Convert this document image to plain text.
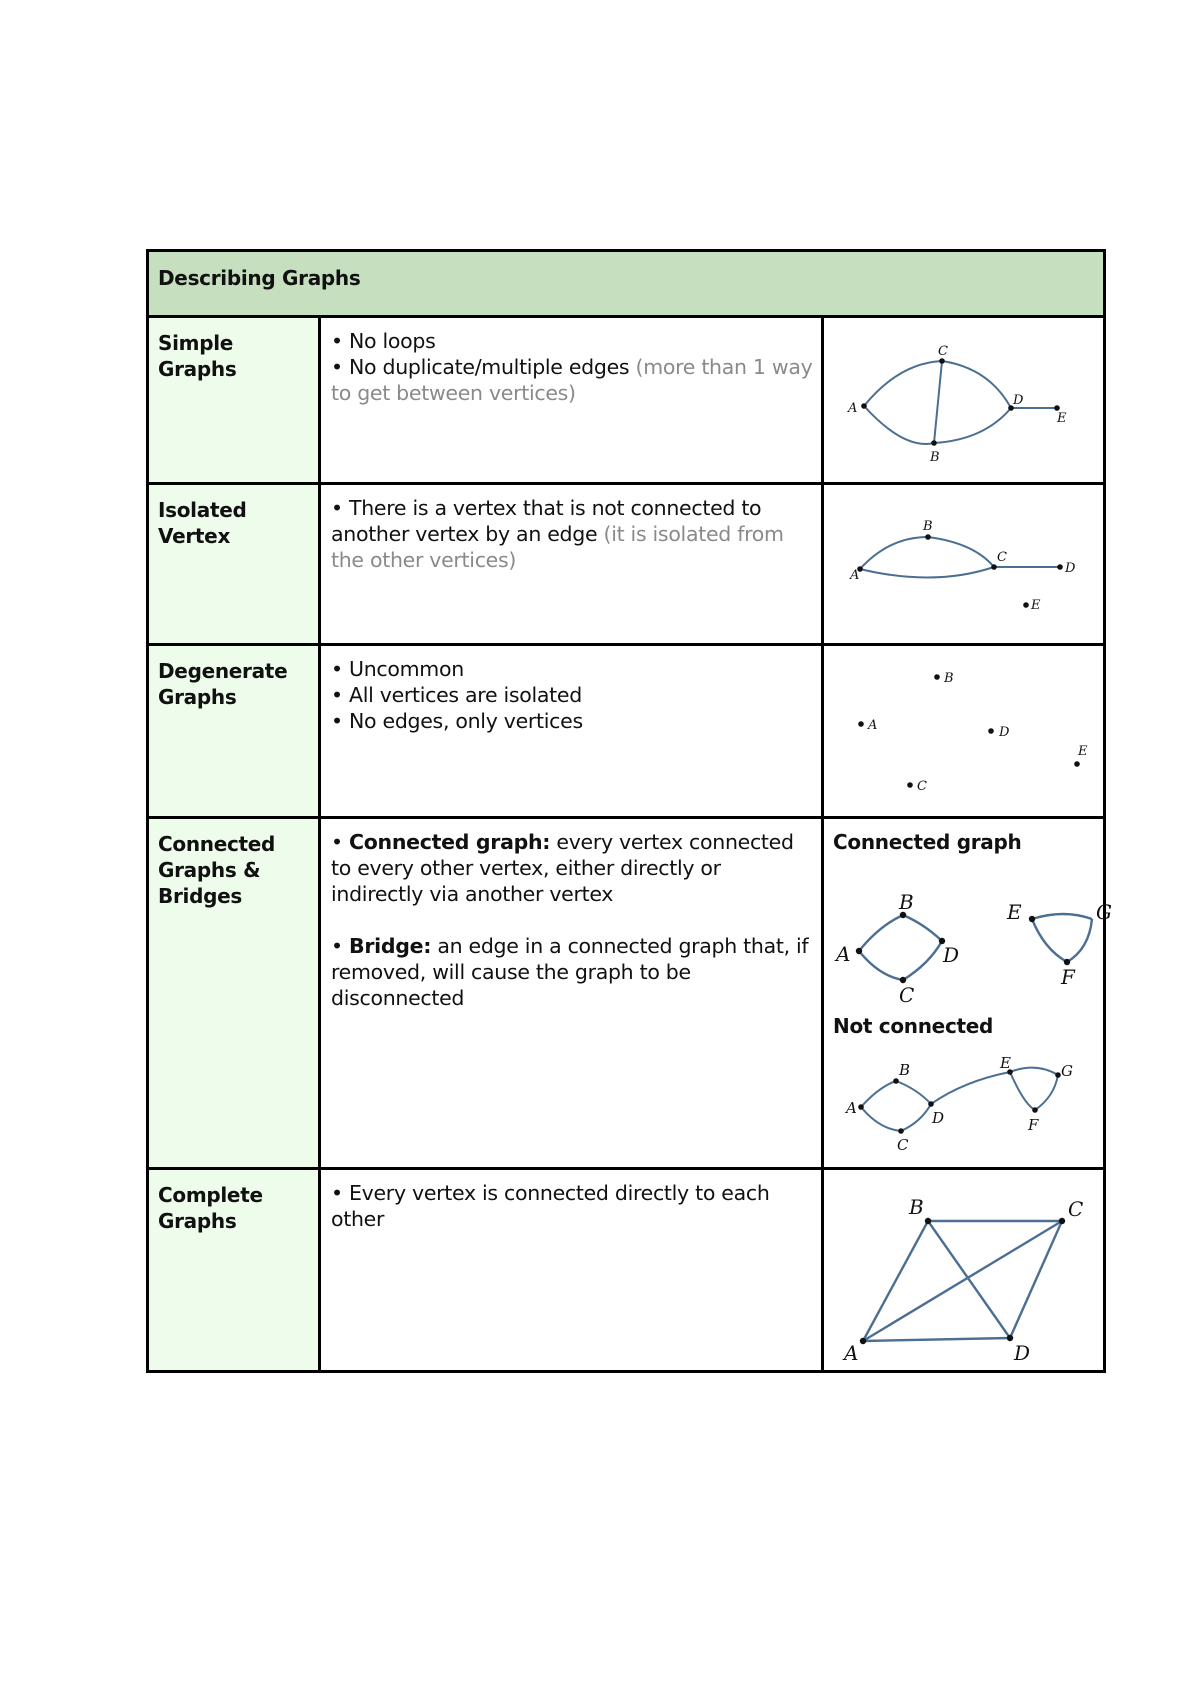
Describing Graphs
Simple Graphs
• No loops
• No duplicate/multiple edges (more than 1 way to get between vertices)
A
B
C
D
E
Isolated Vertex
• There is a vertex that is not connected to another vertex by an edge (it is isolated from the other vertices)
A
B
C
D
E
Degenerate Graphs
• Uncommon
• All vertices are isolated
• No edges, only vertices	A
B
C
D
E
Connected Graphs & Bridges
• Connected graph: every vertex connected to every other vertex, either directly or indirectly via another vertex
• Bridge: an edge in a connected graph that, if removed, will cause the graph to be disconnected
Connected graph
A
B
C
D
E
F
G
A
B
C
D
E
F
G
Not connected
Complete Graphs
• Every vertex is connected directly to each other
A
B	C
D
